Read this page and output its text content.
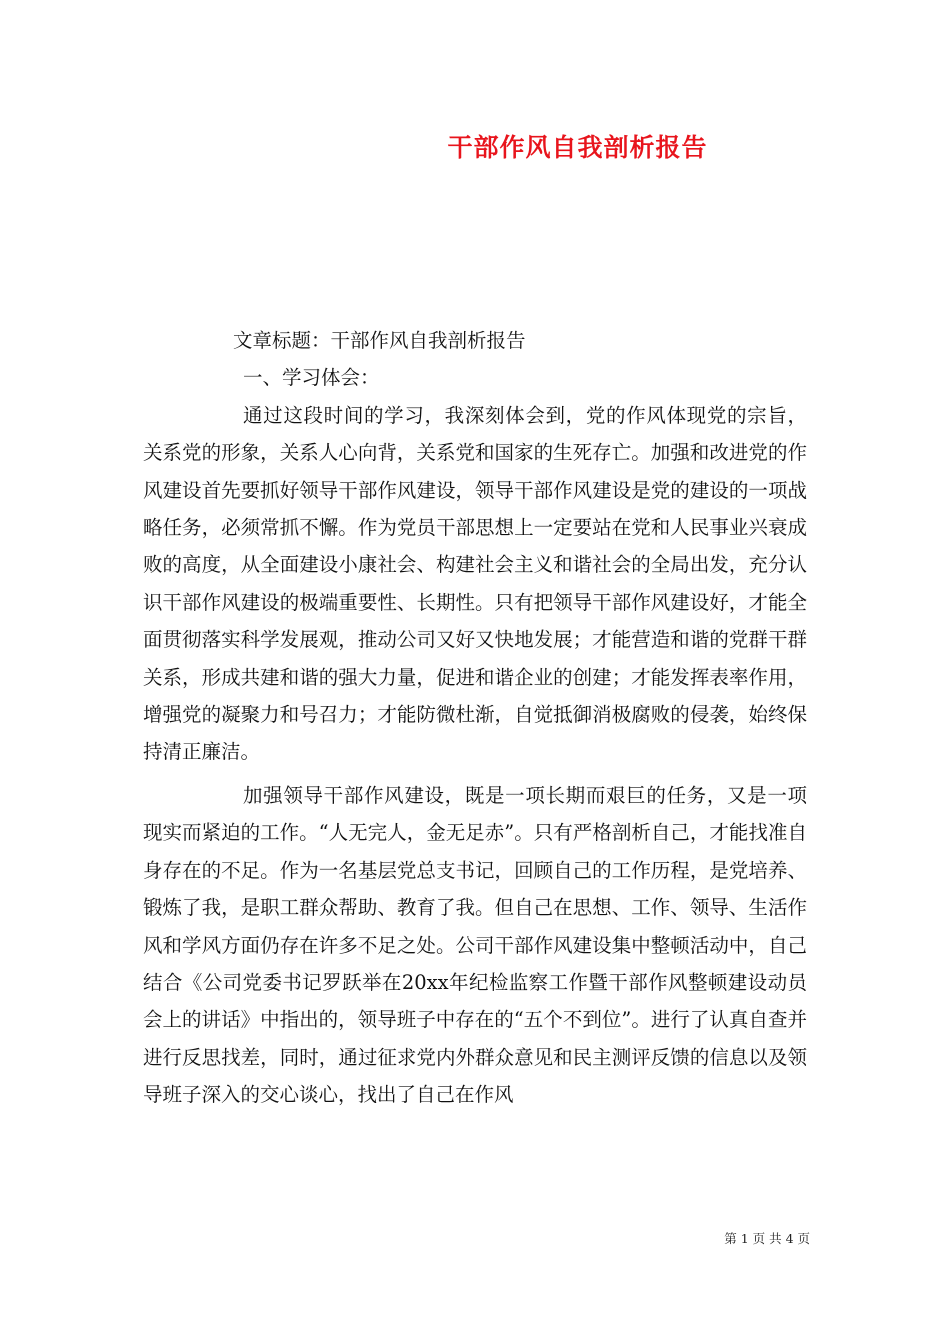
干部作风自我剖析报告

文章标题：干部作风自我剖析报告

一、学习体会：

通过这段时间的学习，我深刻体会到，党的作风体现党的宗旨，关系党的形象，关系人心向背，关系党和国家的生死存亡。加强和改进党的作风建设首先要抓好领导干部作风建设，领导干部作风建设是党的建设的一项战略任务，必须常抓不懈。作为党员干部思想上一定要站在党和人民事业兴衰成败的高度，从全面建设小康社会、构建社会主义和谐社会的全局出发，充分认识干部作风建设的极端重要性、长期性。只有把领导干部作风建设好，才能全面贯彻落实科学发展观，推动公司又好又快地发展；才能营造和谐的党群干群关系，形成共建和谐的强大力量，促进和谐企业的创建；才能发挥表率作用，增强党的凝聚力和号召力；才能防微杜渐，自觉抵御消极腐败的侵袭，始终保持清正廉洁。

加强领导干部作风建设，既是一项长期而艰巨的任务，又是一项现实而紧迫的工作。“人无完人，金无足赤”。只有严格剖析自己，才能找准自身存在的不足。作为一名基层党总支书记，回顾自己的工作历程，是党培养、锻炼了我，是职工群众帮助、教育了我。但自己在思想、工作、领导、生活作风和学风方面仍存在许多不足之处。公司干部作风建设集中整顿活动中，自己结合《公司党委书记罗跃举在20xx年纪检监察工作暨干部作风整顿建设动员会上的讲话》中指出的，领导班子中存在的“五个不到位”。进行了认真自查并进行反思找差，同时，通过征求党内外群众意见和民主测评反馈的信息以及领导班子深入的交心谈心，找出了自己在作风

第 1 页 共 4 页
